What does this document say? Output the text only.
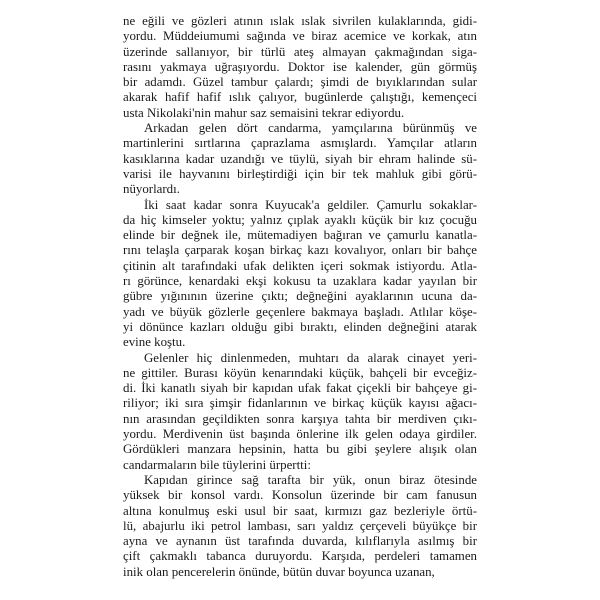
ne eğili ve gözleri atının ıslak ıslak sivrilen kulaklarında, gidi-
yordu. Müddeiumumi sağında ve biraz acemice ve korkak, atın
üzerinde sallanıyor, bir türlü ateş almayan çakmağından siga-
rasını yakmaya uğraşıyordu. Doktor ise kalender, gün görmüş
bir adamdı. Güzel tambur çalardı; şimdi de bıyıklarından sular
akarak hafif hafif ıslık çalıyor, bugünlerde çalıştığı, kemençeci
usta Nikolaki'nin mahur saz semaisini tekrar ediyordu.

Arkadan gelen dört candarma, yamçılarına bürünmüş ve
martinlerini sırtlarına çaprazlama asmışlardı. Yamçılar atların
kasıklarına kadar uzandığı ve tüylü, siyah bir ehram halinde sü-
varisi ile hayvanını birleştirdiği için bir tek mahluk gibi görü-
nüyorlardı.

İki saat kadar sonra Kuyucak'a geldiler. Çamurlu sokaklar-
da hiç kimseler yoktu; yalnız çıplak ayaklı küçük bir kız çocuğu
elinde bir değnek ile, mütemadiyen bağıran ve çamurlu kanatla-
rını telaşla çarparak koşan birkaç kazı kovalıyor, onları bir bahçe
çitinin alt tarafındaki ufak delikten içeri sokmak istiyordu. Atla-
rı görünce, kenardaki ekşi kokusu ta uzaklara kadar yayılan bir
gübre yığınının üzerine çıktı; değneğini ayaklarının ucuna da-
yadı ve büyük gözlerle geçenlere bakmaya başladı. Atlılar köşe-
yi dönünce kazları olduğu gibi bıraktı, elinden değneğini atarak
evine koştu.

Gelenler hiç dinlenmeden, muhtarı da alarak cinayet yeri-
ne gittiler. Burası köyün kenarındaki küçük, bahçeli bir evceğiz-
di. İki kanatlı siyah bir kapıdan ufak fakat çiçekli bir bahçeye gi-
riliyor; iki sıra şimşir fidanlarının ve birkaç küçük kayısı ağacı-
nın arasından geçildikten sonra karşıya tahta bir merdiven çıkı-
yordu. Merdivenin üst başında önlerine ilk gelen odaya girdiler.
Gördükleri manzara hepsinin, hatta bu gibi şeylere alışık olan
candarmaların bile tüylerini ürpertti:

Kapıdan girince sağ tarafta bir yük, onun biraz ötesinde
yüksek bir konsol vardı. Konsolun üzerinde bir cam fanusun
altına konulmuş eski usul bir saat, kırmızı gaz bezleriyle örtü-
lü, abajurlu iki petrol lambası, sarı yaldız çerçeveli büyükçe bir
ayna ve aynanın üst tarafında duvarda, kılıflarıyla asılmış bir
çift çakmaklı tabanca duruyordu. Karşıda, perdeleri tamamen
inik olan pencerelerin önünde, bütün duvar boyunca uzanan,
